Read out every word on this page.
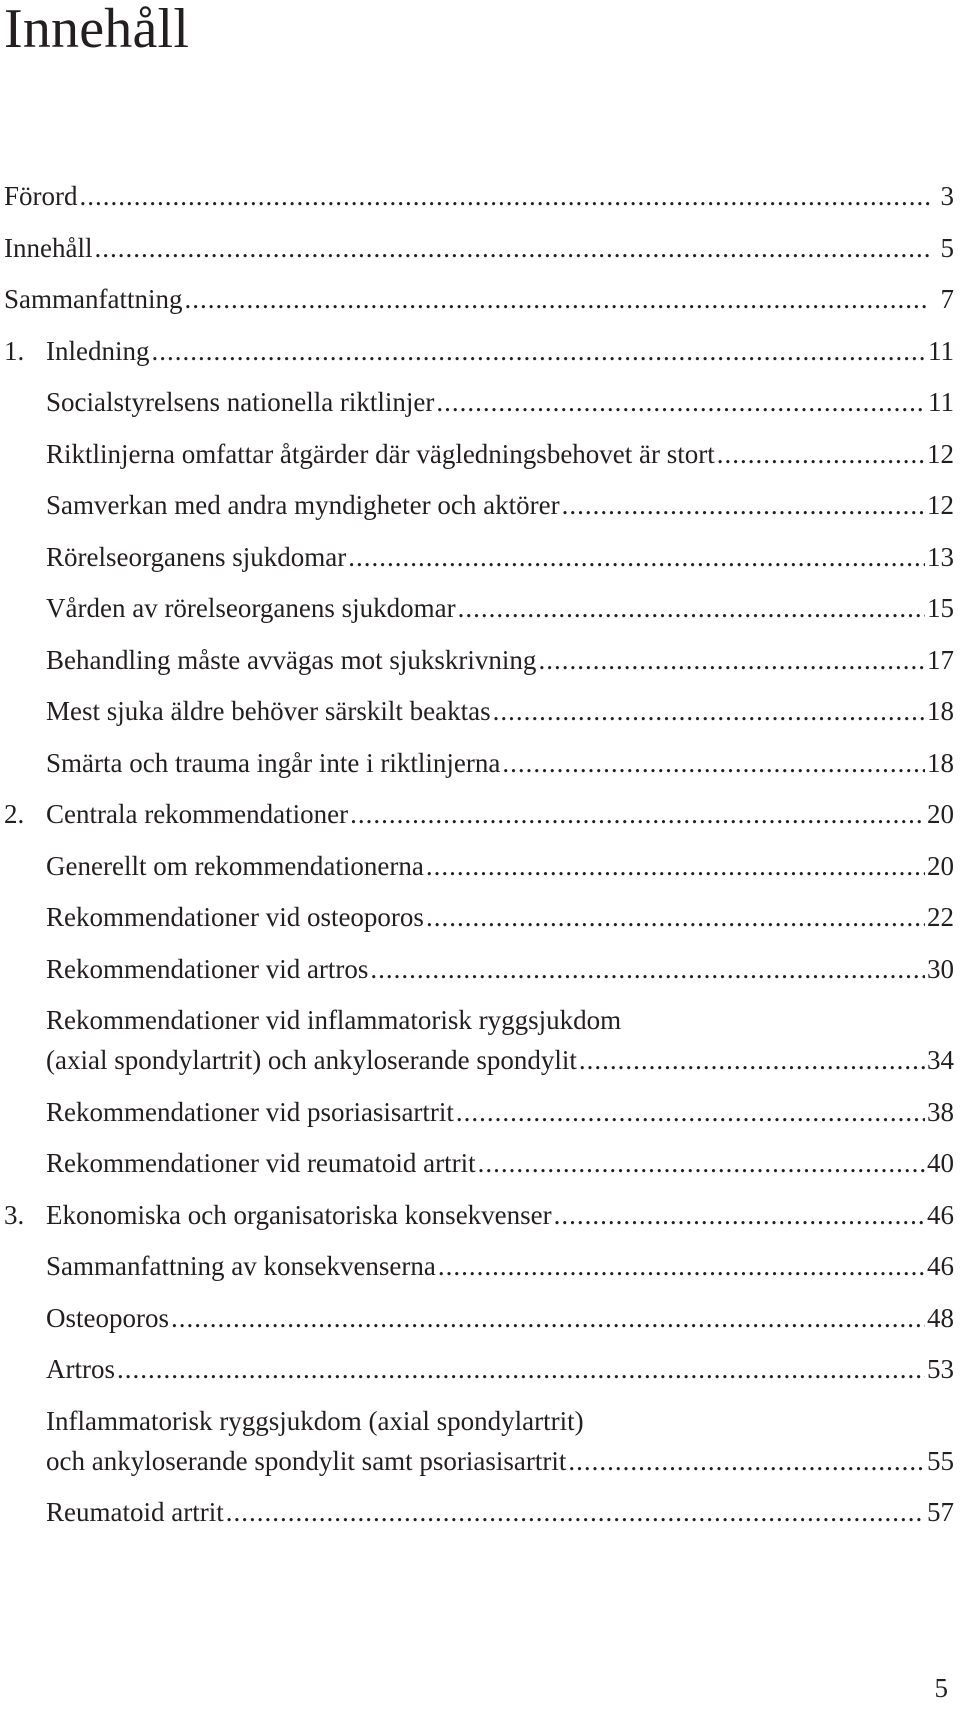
Innehåll
Förord .....	3
Innehåll .....	5
Sammanfattning .....	7
1. Inledning .....	11
Socialstyrelsens nationella riktlinjer .....	11
Riktlinjerna omfattar åtgärder där vägledningsbehovet är stort .....	12
Samverkan med andra myndigheter och aktörer .....	12
Rörelseorganens sjukdomar .....	13
Vården av rörelseorganens sjukdomar .....	15
Behandling måste avvägas mot sjukskrivning .....	17
Mest sjuka äldre behöver särskilt beaktas .....	18
Smärta och trauma ingår inte i riktlinjerna .....	18
2. Centrala rekommendationer .....	20
Generellt om rekommendationerna .....	20
Rekommendationer vid osteoporos .....	22
Rekommendationer vid artros .....	30
Rekommendationer vid inflammatorisk ryggsjukdom
(axial spondylartrit) och ankyloserande spondylit .....	34
Rekommendationer vid psoriasisartrit .....	38
Rekommendationer vid reumatoid artrit .....	40
3. Ekonomiska och organisatoriska konsekvenser .....	46
Sammanfattning av konsekvenserna .....	46
Osteoporos .....	48
Artros .....	53
Inflammatorisk ryggsjukdom (axial spondylartrit)
och ankyloserande spondylit samt psoriasisartrit .....	55
Reumatoid artrit .....	57
5
